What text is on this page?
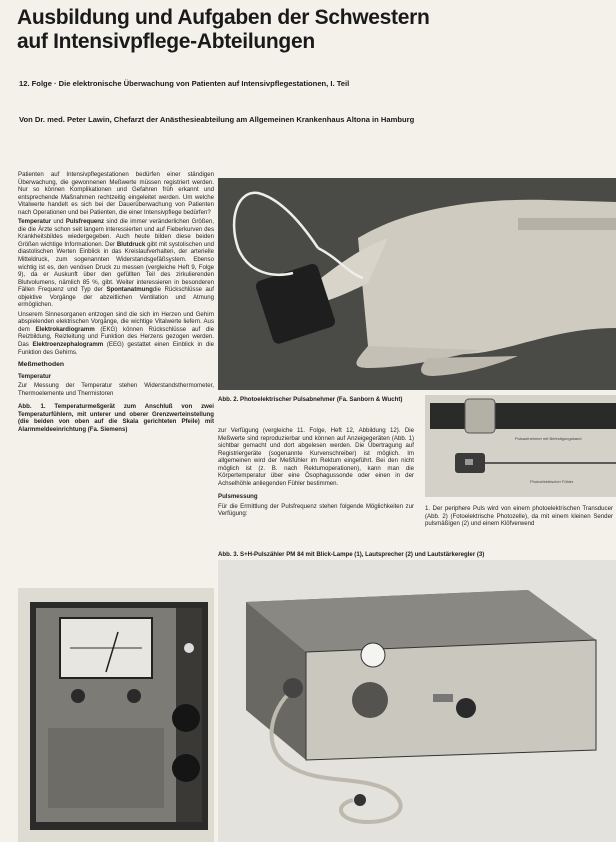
Ausbildung und Aufgaben der Schwestern
auf Intensivpflege-Abteilungen
12. Folge · Die elektronische Überwachung von Patienten auf Intensivpflegestationen, I. Teil
Von Dr. med. Peter Lawin, Chefarzt der Anästhesieabteilung am Allgemeinen Krankenhaus Altona in Hamburg

Patienten auf Intensivpflegestationen bedürfen einer ständigen Überwachung, die gewonnenen Meßwerte müssen registriert werden. Nur so können Komplikationen und Gefahren früh erkannt und entsprechende Maßnahmen rechtzeitig eingeleitet werden. Um welche Vitalwerte handelt es sich bei der Dauerüberwachung von Patienten nach Operationen und bei Patienten, die einer Intensivpflege bedürfen?

Temperatur und Pulsfrequenz sind die immer veränderlichen Größen, die die Ärzte schon seit langem interessierten und auf Fieberkurven des Krankheitsbildes wiedergegeben. Auch heute bilden diese beiden Größen wichtige Informationen. Der Blutdruck gibt mit systolischen und diastolischen Werten Einblick in das Kreislaufverhalten, der arterielle Mitteldruck, zum sogenannten Widerstandsgefäßsystem. Ebenso wichtig ist es, den venösen Druck zu messen (vergleiche Heft 9, Folge 9), da er Auskunft über den gefüllten Teil des zirkulierenden Blutvolumens, nämlich 85 %, gibt. Weiter interessieren in besonderen Fällen Frequenz und Typ der Spontanatmungdie Rückschlüsse auf objektive Vorgänge der abzeitlichen Ventilation und Atmung ermöglichen.

Unserem Sinnesorganen entzogen sind die sich im Herzen und Gehirn abspielenden elektrischen Vorgänge, die wichtige Vitalwerte liefern. Aus dem Elektrokardiogramm (EKG) können Rückschlüsse auf die Reizbildung, Reizleitung und Funktion des Herzens gezogen werden. Das Elektroenzephalogramm (EEG) gestattet einen Einblick in die Funktion des Gehirns.

Meßmethoden
Temperatur

Zur Messung der Temperatur stehen Widerstandsthermometer, Thermoelemente und Thermistoren

Abb. 1. Temperaturmeßgerät zum Anschluß von zwei Temperaturfühlern, mit unterer und oberer Grenzwerteinstellung (die beiden von oben auf die Skala gerichteten Pfeile) mit Alarmmeldeeinrichtung (Fa. Siemens)

Abb. 2. Photoelektrischer Pulsabnehmer (Fa. Sanborn & Wucht)

zur Verfügung (vergleiche 11. Folge, Heft 12, Abbildung 12). Die Meßwerte sind reproduzierbar und können auf Anzeigegeräten (Abb. 1) sichtbar gemacht und dort abgelesen werden. Die Übertragung auf Registriergeräte (sogenannte Kurvenschreiber) ist möglich. Im allgemeinen wird der Meßfühler im Rektum eingeführt. Bei den nicht möglich ist (z. B. nach Rektumoperationen), kann man die Körpertemperatur über eine Ösophagussonde oder einen in der Achselhöhle anliegenden Fühler bestimmen.

Pulsmessung

Für die Ermittlung der Pulsfrequenz stehen folgende Möglichkeiten zur Verfügung:

Pulsaufnehmer mit Befestigungsband
Photoelektrischer Fühler

1. Der periphere Puls wird von einem photoelektrischen Transducer (Abb. 2) (Fotoelektrische Photozelle), da mit einem kleinen Sender pulsmäßigen (2) und einem Klöfverwend

Abb. 3. S+H-Pulszähler PM 84 mit Blick-Lampe (1), Lautsprecher (2) und Lautstärkeregler (3)
